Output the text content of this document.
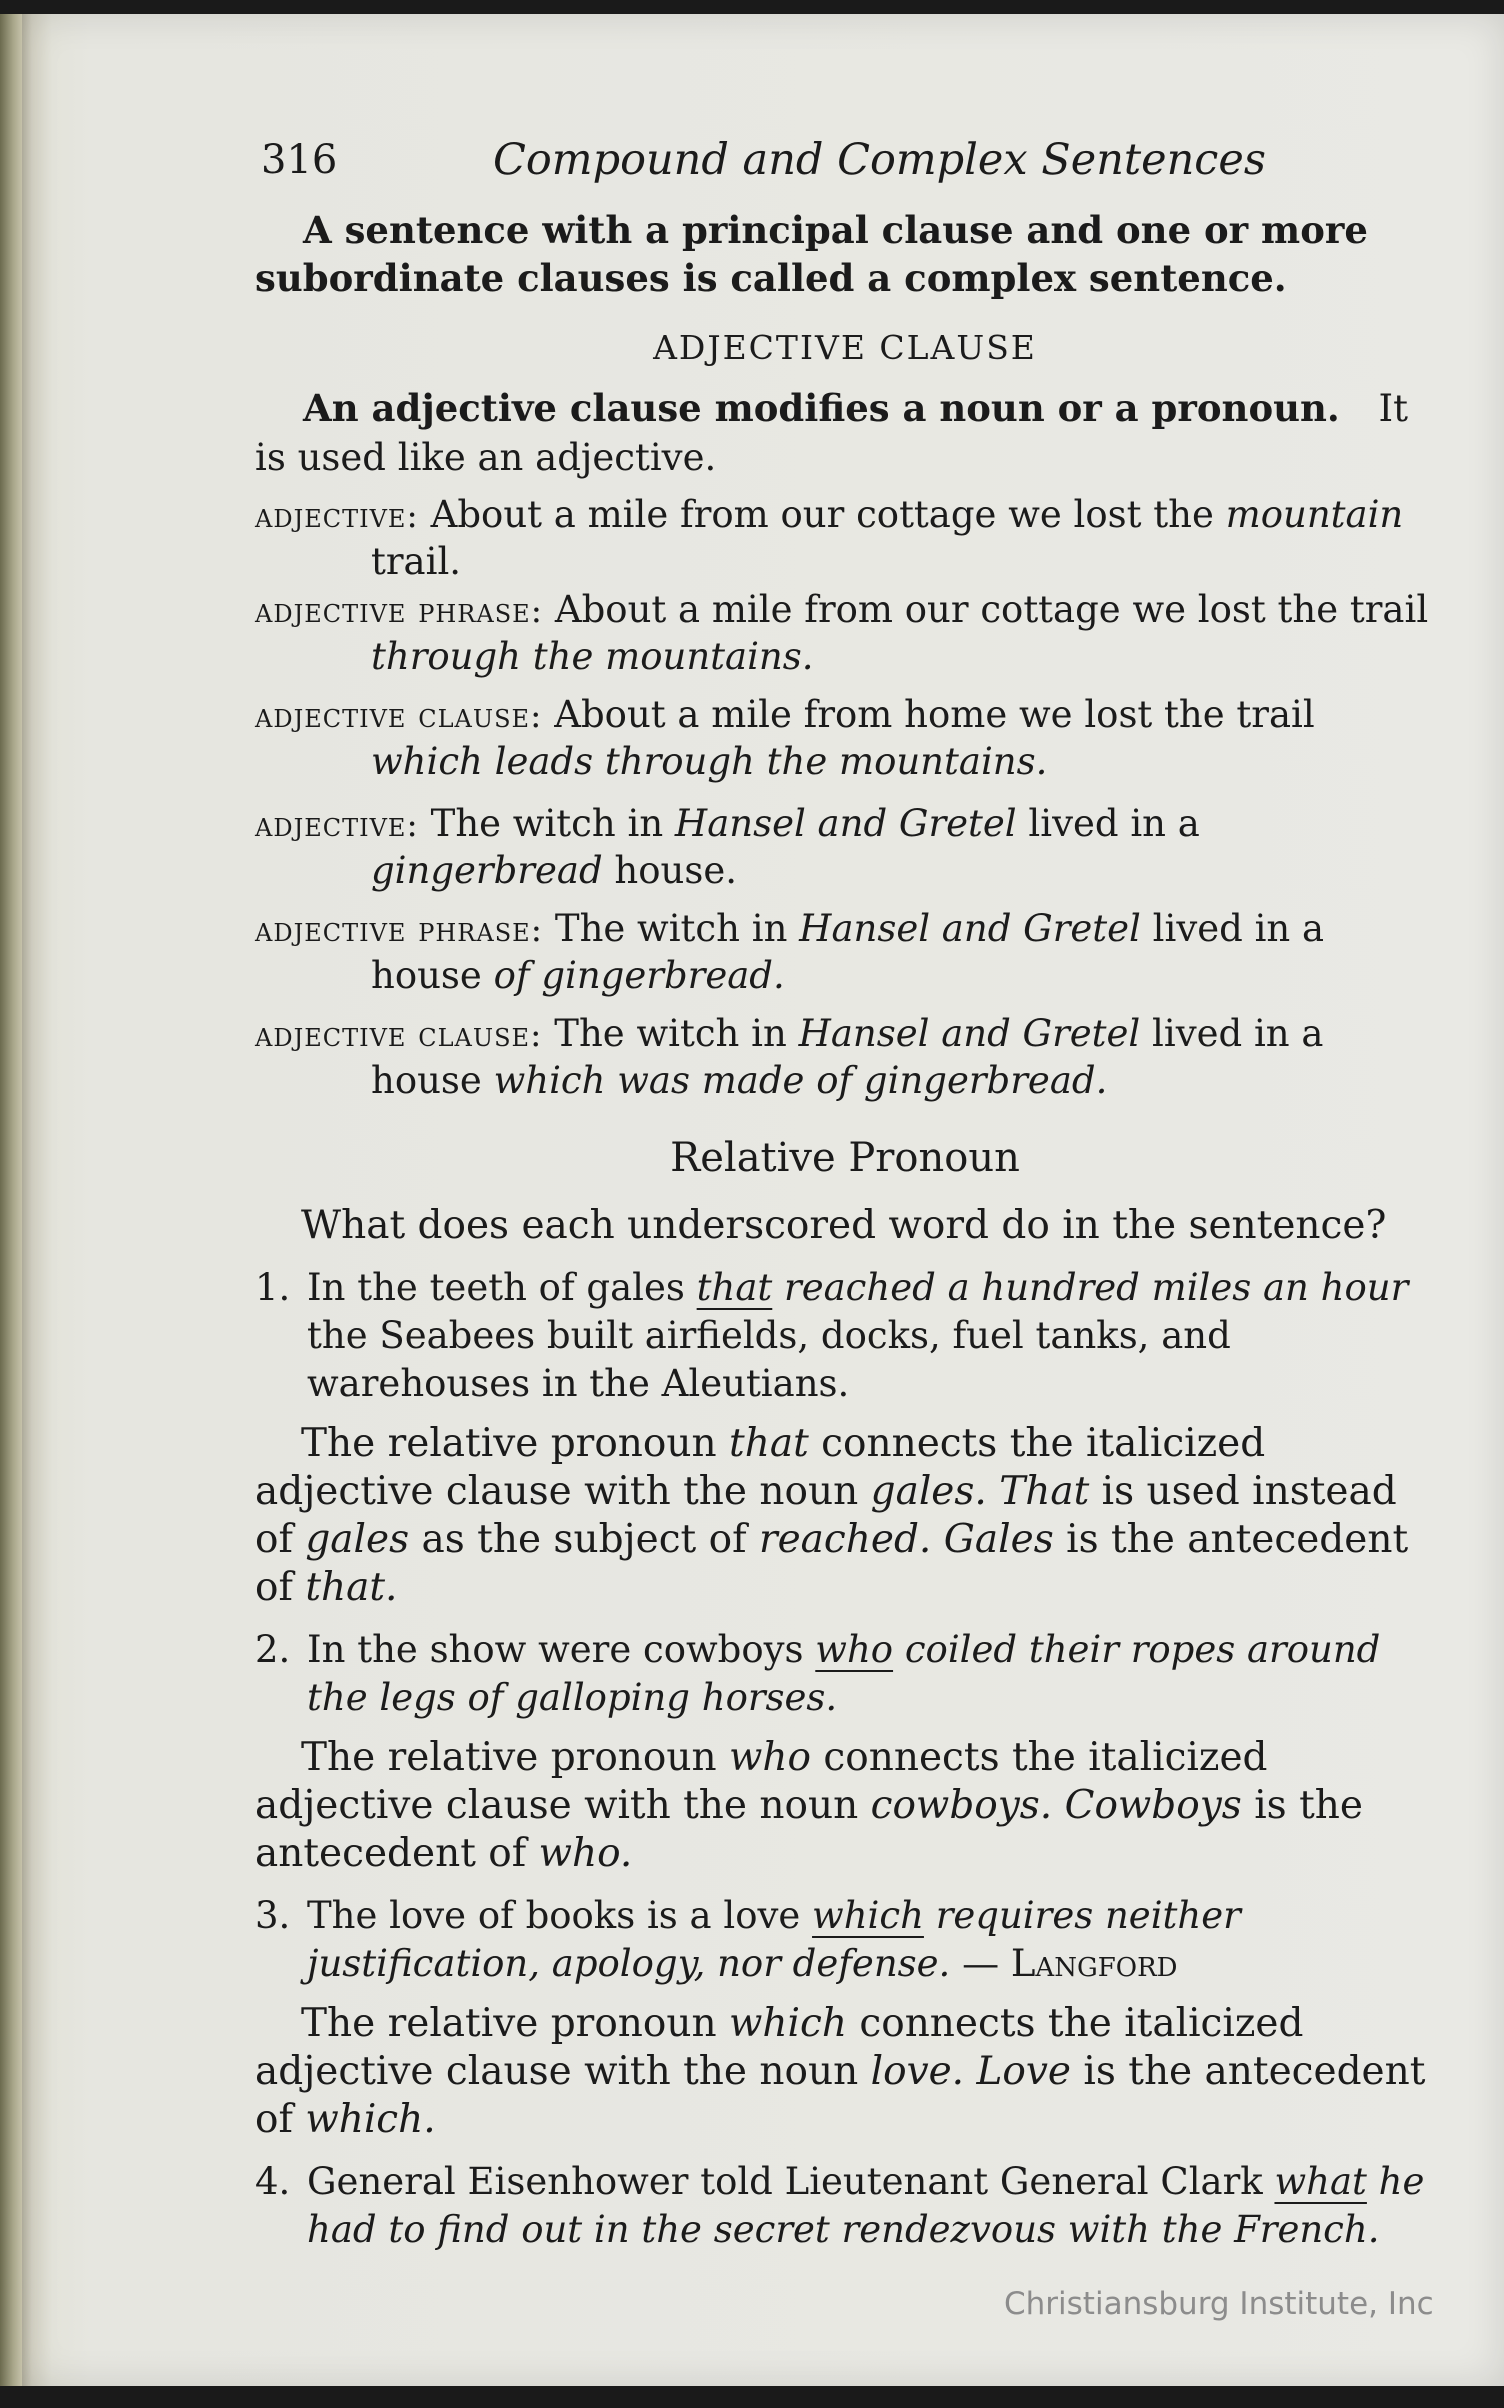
316	Compound and Complex Sentences

A sentence with a principal clause and one or more subordinate clauses is called a complex sentence.

ADJECTIVE CLAUSE

An adjective clause modifies a noun or a pronoun. It is used like an adjective.

adjective: About a mile from our cottage we lost the mountain trail.

adjective phrase: About a mile from our cottage we lost the trail through the mountains.

adjective clause: About a mile from home we lost the trail which leads through the mountains.

adjective: The witch in Hansel and Gretel lived in a gingerbread house.

adjective phrase: The witch in Hansel and Gretel lived in a house of gingerbread.

adjective clause: The witch in Hansel and Gretel lived in a house which was made of gingerbread.

Relative Pronoun

What does each underscored word do in the sentence?

1. In the teeth of gales that reached a hundred miles an hour the Seabees built airfields, docks, fuel tanks, and warehouses in the Aleutians.

The relative pronoun that connects the italicized adjective clause with the noun gales. That is used instead of gales as the subject of reached. Gales is the antecedent of that.

2. In the show were cowboys who coiled their ropes around the legs of galloping horses.

The relative pronoun who connects the italicized adjective clause with the noun cowboys. Cowboys is the antecedent of who.

3. The love of books is a love which requires neither justification, apology, nor defense. — Langford

The relative pronoun which connects the italicized adjective clause with the noun love. Love is the antecedent of which.

4. General Eisenhower told Lieutenant General Clark what he had to find out in the secret rendezvous with the French.
Christiansburg Institute, Inc
